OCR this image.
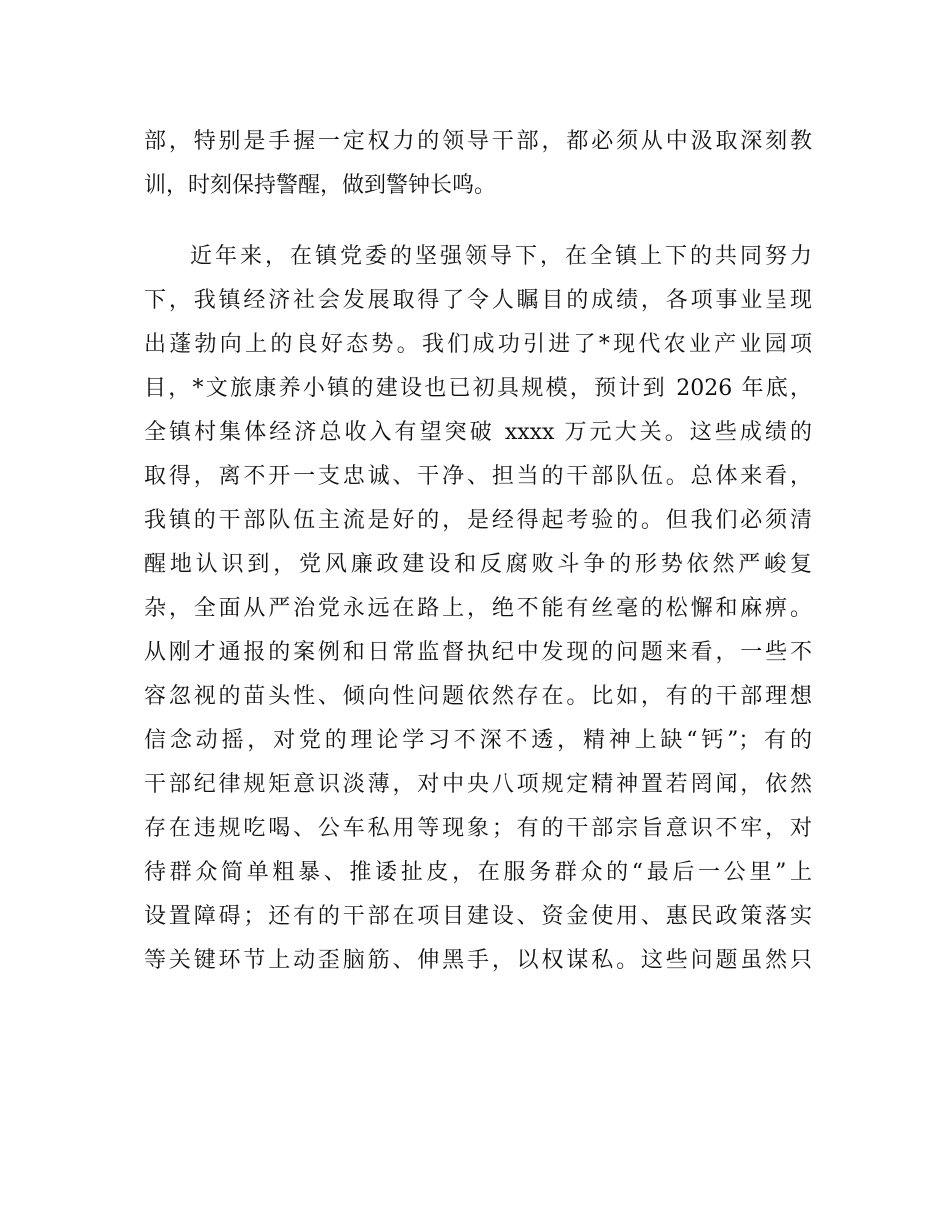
部，特别是手握一定权力的领导干部，都必须从中汲取深刻教
训，时刻保持警醒，做到警钟长鸣。
近年来，在镇党委的坚强领导下，在全镇上下的共同努力
下，我镇经济社会发展取得了令人瞩目的成绩，各项事业呈现
出蓬勃向上的良好态势。我们成功引进了*现代农业产业园项
目，*文旅康养小镇的建设也已初具规模，预计到 2026 年底，
全镇村集体经济总收入有望突破 xxxx 万元大关。这些成绩的
取得，离不开一支忠诚、干净、担当的干部队伍。总体来看，
我镇的干部队伍主流是好的，是经得起考验的。但我们必须清
醒地认识到，党风廉政建设和反腐败斗争的形势依然严峻复
杂，全面从严治党永远在路上，绝不能有丝毫的松懈和麻痹。
从刚才通报的案例和日常监督执纪中发现的问题来看，一些不
容忽视的苗头性、倾向性问题依然存在。比如，有的干部理想
信念动摇，对党的理论学习不深不透，精神上缺“钙”；有的
干部纪律规矩意识淡薄，对中央八项规定精神置若罔闻，依然
存在违规吃喝、公车私用等现象；有的干部宗旨意识不牢，对
待群众简单粗暴、推诿扯皮，在服务群众的“最后一公里”上
设置障碍；还有的干部在项目建设、资金使用、惠民政策落实
等关键环节上动歪脑筋、伸黑手，以权谋私。这些问题虽然只
